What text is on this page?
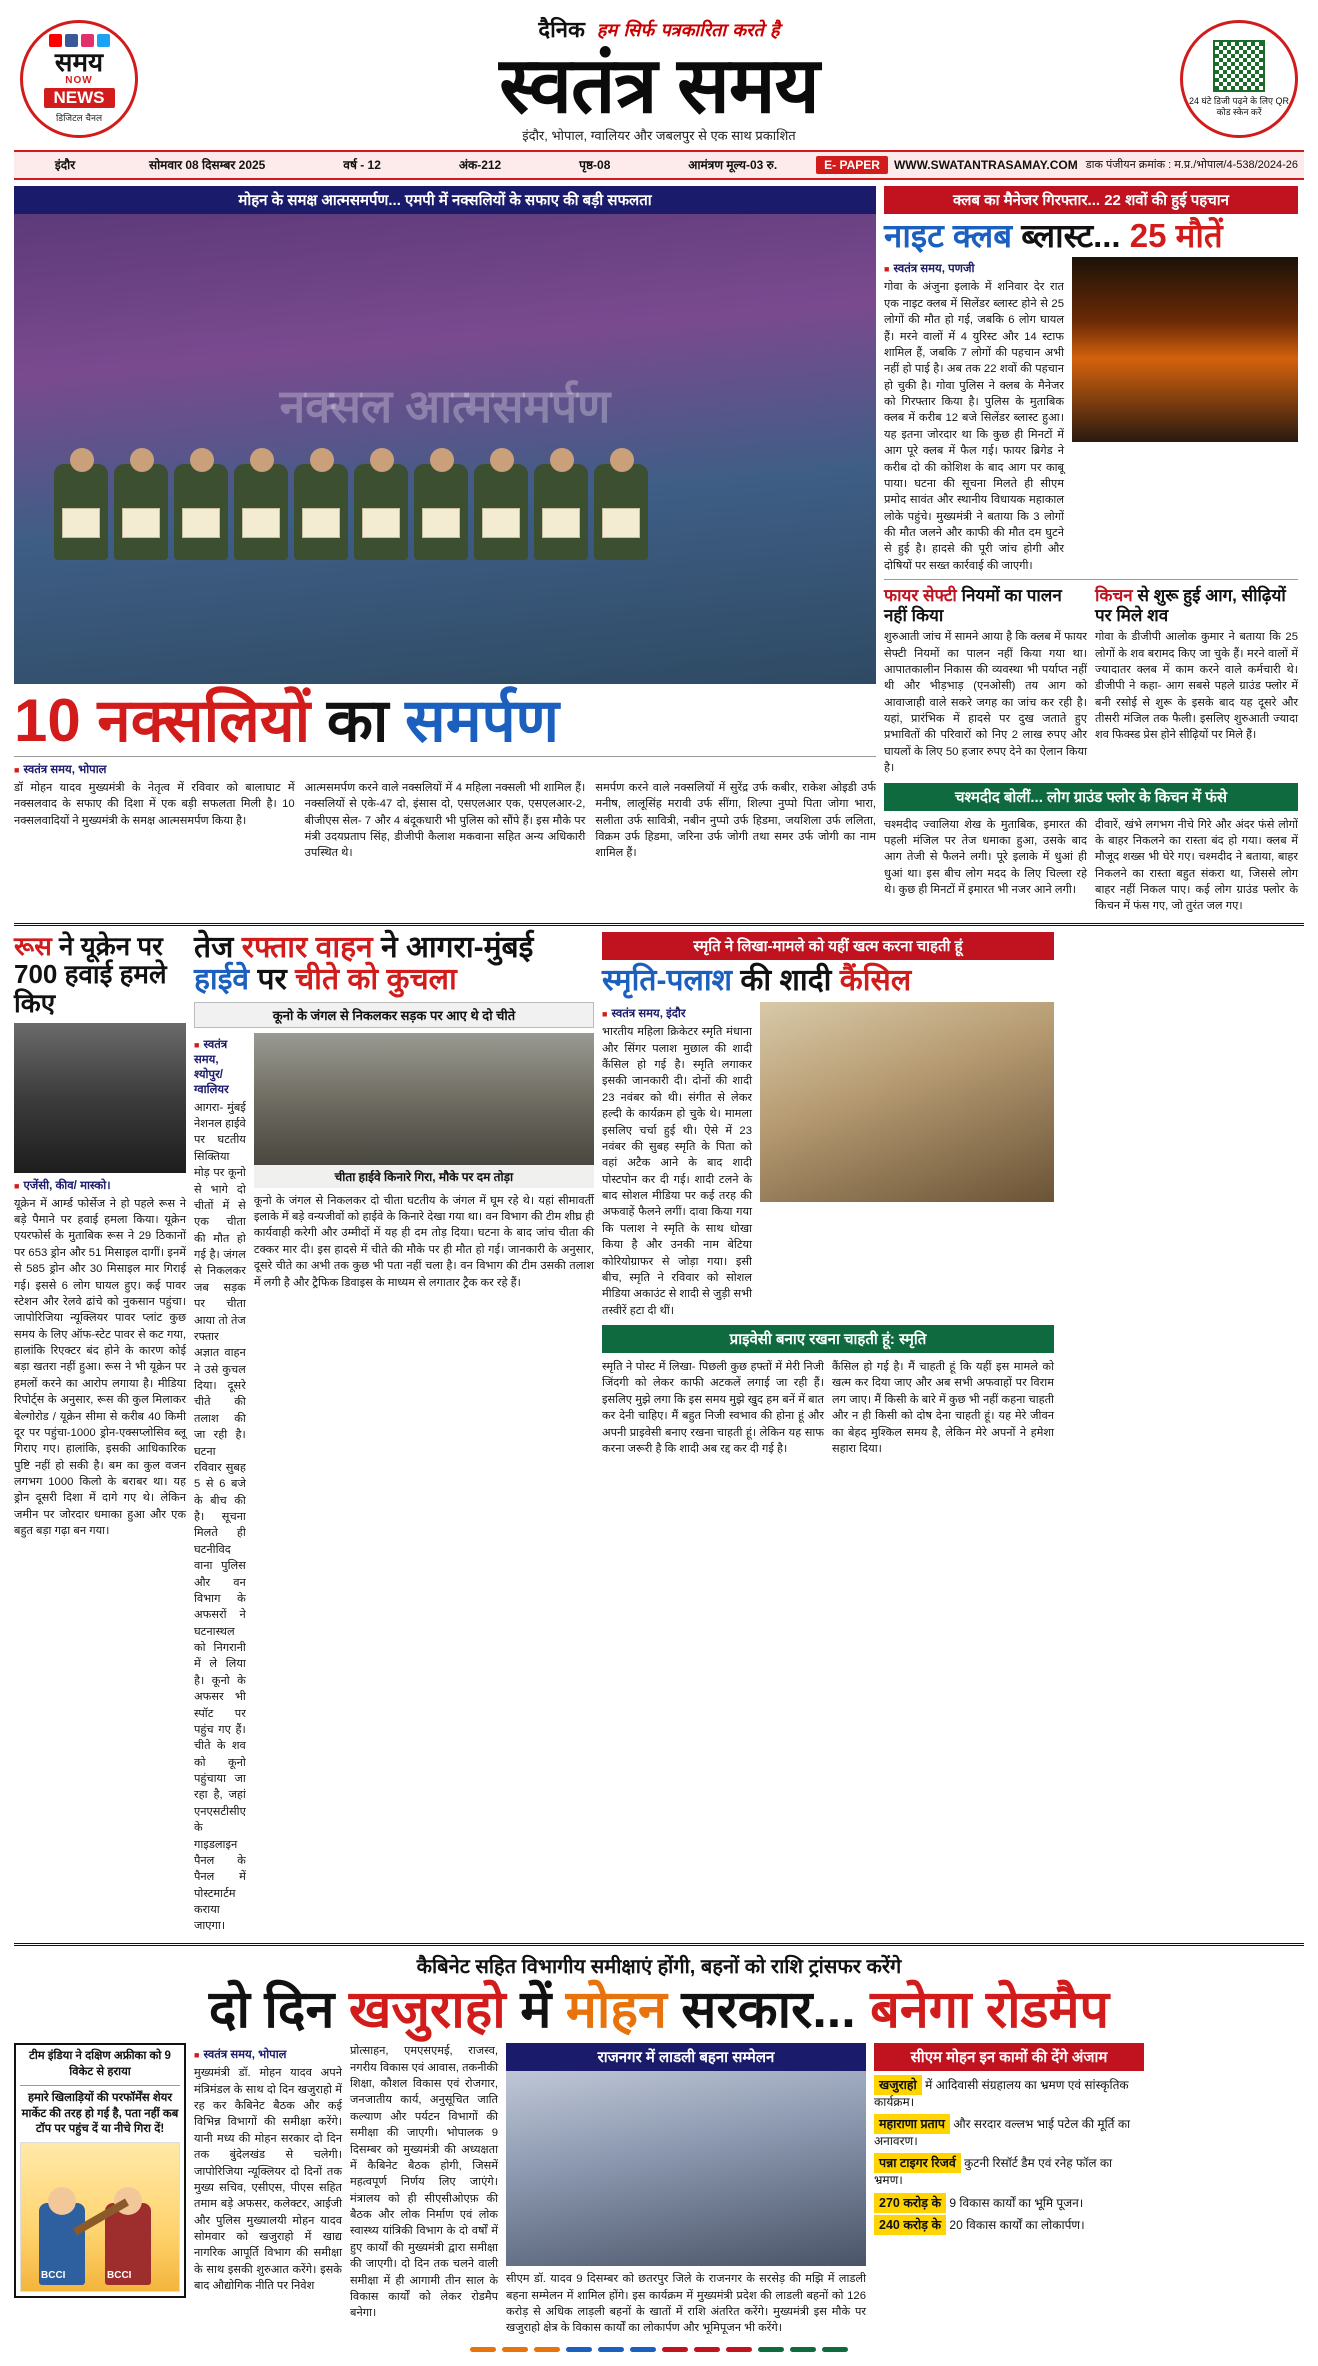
समय
NOW
NEWS
डिजिटल चैनल
दैनिक हम सिर्फ पत्रकारिता करते है
स्वतंत्र समय
इंदौर, भोपाल, ग्वालियर और जबलपुर से एक साथ प्रकाशित
24 घंटे डिजी पढ़ने के लिए QR कोड स्केन करें
इंदौर	सोमवार 08 दिसम्बर 2025	वर्ष - 12	अंक-212	पृष्ठ-08	आमंत्रण मूल्य-03 रु.	E- PAPER	WWW.SWATANTRASAMAY.COM डाक पंजीयन क्रमांक : म.प्र./भोपाल/4-538/2024-26
मोहन के समक्ष आत्मसमर्पण... एमपी में नक्सलियों के सफाए की बड़ी सफलता
नक्सल आत्मसमर्पण
10 नक्सलियों का समर्पण
■ स्वतंत्र समय, भोपाल
डॉ मोहन यादव मुख्यमंत्री के नेतृत्व में रविवार को बालाघाट में नक्सलवाद के सफाए की दिशा में एक बड़ी सफलता मिली है। 10 नक्सलवादियों ने मुख्यमंत्री के समक्ष आत्मसमर्पण किया है।
आत्मसमर्पण करने वाले नक्सलियों में 4 महिला नक्सली भी शामिल हैं। नक्सलियों से एके-47 दो, इंसास दो, एसएलआर एक, एसएलआर-2, बीजीएस सेल- 7 और 4 बंदूकधारी भी पुलिस को सौंपे हैं। इस मौके पर मंत्री उदयप्रताप सिंह, डीजीपी कैलाश मकवाना सहित अन्य अधिकारी उपस्थित थे।
समर्पण करने वाले नक्सलियों में सुरेंद्र उर्फ कबीर, राकेश ओइडी उर्फ मनीष, लालूसिंह मरावी उर्फ सींगा, शिल्पा नुप्पो पिता जोगा भारा, सलीता उर्फ सावित्री, नबीन नुप्पो उर्फ हिडमा, जयशिला उर्फ ललिता, विक्रम उर्फ हिडमा, जरिना उर्फ जोगी तथा समर उर्फ जोगी का नाम शामिल हैं।
क्लब का मैनेजर गिरफ्तार... 22 शवों की हुई पहचान
नाइट क्लब ब्लास्ट... 25 मौतें
■ स्वतंत्र समय, पणजी
गोवा के अंजुना इलाके में शनिवार देर रात एक नाइट क्लब में सिलेंडर ब्लास्ट होने से 25 लोगों की मौत हो गई, जबकि 6 लोग घायल हैं। मरने वालों में 4 युरिस्ट और 14 स्टाफ शामिल हैं, जबकि 7 लोगों की पहचान अभी नहीं हो पाई है। अब तक 22 शवों की पहचान हो चुकी है। गोवा पुलिस ने क्लब के मैनेजर को गिरफ्तार किया है। पुलिस के मुताबिक क्लब में करीब 12 बजे सिलेंडर ब्लास्ट हुआ। यह इतना जोरदार था कि कुछ ही मिनटों में आग पूरे क्लब में फैल गई। फायर ब्रिगेड ने करीब दो की कोशिश के बाद आग पर काबू पाया। घटना की सूचना मिलते ही सीएम प्रमोद सावंत और स्थानीय विधायक महाकाल लोके पहुंचे। मुख्यमंत्री ने बताया कि 3 लोगों की मौत जलने और काफी की मौत दम घुटने से हुई है। हादसे की पूरी जांच होगी और दोषियों पर सख्त कार्रवाई की जाएगी।
फायर सेफ्टी नियमों का पालन नहीं किया
शुरुआती जांच में सामने आया है कि क्लब में फायर सेफ्टी नियमों का पालन नहीं किया गया था। आपातकालीन निकास की व्यवस्था भी पर्याप्त नहीं थी और भीड़भाड़ (एनओसी) तय आग को आवाजाही वाले सकरे जगह का जांच कर रही है। यहां, प्रारंभिक में हादसे पर दुख जताते हुए प्रभावितों की परिवारों को निए 2 लाख रुपए और घायलों के लिए 50 हजार रुपए देने का ऐलान किया है।
किचन से शुरू हुई आग, सीढ़ियों पर मिले शव
गोवा के डीजीपी आलोक कुमार ने बताया कि 25 लोगों के शव बरामद किए जा चुके हैं। मरने वालों में ज्यादातर क्लब में काम करने वाले कर्मचारी थे। डीजीपी ने कहा- आग सबसे पहले ग्राउंड फ्लोर में बनी रसोई से शुरू के इसके बाद यह दूसरे और तीसरी मंजिल तक फैली। इसलिए शुरुआती ज्यादा शव फिक्स्ड प्रेस होने सीढ़ियों पर मिले हैं।
चश्मदीद बोलीं... लोग ग्राउंड फ्लोर के किचन में फंसे
चश्मदीद ज्वालिया शेख के मुताबिक, इमारत की पहली मंजिल पर तेज धमाका हुआ, उसके बाद आग तेजी से फैलने लगी। पूरे इलाके में धुआं ही धुआं था। इस बीच लोग मदद के लिए चिल्ला रहे थे। कुछ ही मिनटों में इमारत भी नजर आने लगी।
दीवारें, खंभे लगभग नीचे गिरे और अंदर फंसे लोगों के बाहर निकलने का रास्ता बंद हो गया। क्लब में मौजूद शख्स भी घेरे गए। चश्मदीद ने बताया, बाहर निकलने का रास्ता बहुत संकरा था, जिससे लोग बाहर नहीं निकल पाए। कई लोग ग्राउंड फ्लोर के किचन में फंस गए, जो तुरंत जल गए।
रूस ने यूक्रेन पर 700 हवाई हमले किए
■ एजेंसी, कीव/ मास्को।
यूक्रेन में आर्म्ड फोर्सेज ने हो पहले रूस ने बड़े पैमाने पर हवाई हमला किया। यूक्रेन एयरफोर्स के मुताबिक रूस ने 29 ठिकानों पर 653 ड्रोन और 51 मिसाइल दागीं। इनमें से 585 ड्रोन और 30 मिसाइल मार गिराई गई। इससे 6 लोग घायल हुए। कई पावर स्टेशन और रेलवे ढांचे को नुकसान पहुंचा। जापोरिजिया न्यूक्लियर पावर प्लांट कुछ समय के लिए ऑफ-स्टेट पावर से कट गया, हालांकि रिएक्टर बंद होने के कारण कोई बड़ा खतरा नहीं हुआ। रूस ने भी यूक्रेन पर हमलों करने का आरोप लगाया है। मीडिया रिपोर्ट्स के अनुसार, रूस की कुल मिलाकर बेल्गोरोड / यूक्रेन सीमा से करीब 40 किमी दूर पर पहुंचा-1000 ड्रोन-एक्सप्लोसिव ब्लू गिराए गए। हालांकि, इसकी आधिकारिक पुष्टि नहीं हो सकी है। बम का कुल वजन लगभग 1000 किलो के बराबर था। यह ड्रोन दूसरी दिशा में दागे गए थे। लेकिन जमीन पर जोरदार धमाका हुआ और एक बहुत बड़ा गढ़ा बन गया।
तेज रफ्तार वाहन ने आगरा-मुंबई हाईवे पर चीते को कुचला
कूनो के जंगल से निकलकर सड़क पर आए थे दो चीते
■ स्वतंत्र समय, श्योपुर/ग्वालियर
आगरा- मुंबई नेशनल हाईवे पर घटतीय सिक्तिया मोड़ पर कूनो से भागे दो चीतों में से एक चीता की मौत हो गई है। जंगल से निकलकर जब सड़क पर चीता आया तो तेज रफ्तार अज्ञात वाहन ने उसे कुचल दिया। दूसरे चीते की तलाश की जा रही है। घटना रविवार सुबह 5 से 6 बजे के बीच की है। सूचना मिलते ही घटनीविद वाना पुलिस और वन विभाग के अफसरों ने घटनास्थल को निगरानी में ले लिया है। कूनो के अफसर भी स्पॉट पर पहुंच गए हैं। चीते के शव को कूनो पहुंचाया जा रहा है, जहां एनएसटीसीए के गाइडलाइन पैनल के पैनल में पोस्टमार्टम कराया जाएगा।
चीता हाईवे किनारे गिरा, मौके पर दम तोड़ा
कूनो के जंगल से निकलकर दो चीता घटतीय के जंगल में घूम रहे थे। यहां सीमावर्ती इलाके में बड़े वन्यजीवों को हाईवे के किनारे देखा गया था। वन विभाग की टीम शीघ्र ही कार्यवाही करेगी और उम्मीदों में यह ही दम तोड़ दिया। घटना के बाद जांच चीता की टक्कर मार दी। इस हादसे में चीते की मौके पर ही मौत हो गई। जानकारी के अनुसार, दूसरे चीते का अभी तक कुछ भी पता नहीं चला है। वन विभाग की टीम उसकी तलाश में लगी है और ट्रैफिक डिवाइस के माध्यम से लगातार ट्रैक कर रहे हैं।
स्मृति ने लिखा-मामले को यहीं खत्म करना चाहती हूं
स्मृति-पलाश की शादी कैंसिल
■ स्वतंत्र समय, इंदौर
भारतीय महिला क्रिकेटर स्मृति मंधाना और सिंगर पलाश मुछाल की शादी कैंसिल हो गई है। स्मृति लगाकर इसकी जानकारी दी। दोनों की शादी 23 नवंबर को थी। संगीत से लेकर हल्दी के कार्यक्रम हो चुके थे। मामला इसलिए चर्चा हुई थी। ऐसे में 23 नवंबर की सुबह स्मृति के पिता को वहां अटैक आने के बाद शादी पोस्टपोन कर दी गई। शादी टलने के बाद सोशल मीडिया पर कई तरह की अफवाहें फैलने लगीं। दावा किया गया कि पलाश ने स्मृति के साथ धोखा किया है और उनकी नाम बेटिया कोरियोग्राफर से जोड़ा गया। इसी बीच, स्मृति ने रविवार को सोशल मीडिया अकाउंट से शादी से जुड़ी सभी तस्वीरें हटा दी थीं।
प्राइवेसी बनाए रखना चाहती हूं: स्मृति
स्मृति ने पोस्ट में लिखा- पिछली कुछ हफ्तों में मेरी निजी जिंदगी को लेकर काफी अटकलें लगाई जा रही हैं। इसलिए मुझे लगा कि इस समय मुझे खुद हम बनें में बात कर देनी चाहिए। मैं बहुत निजी स्वभाव की होना हूं और अपनी प्राइवेसी बनाए रखना चाहती हूं। लेकिन यह साफ करना जरूरी है कि शादी अब रद्द कर दी गई है।
कैंसिल हो गई है। मैं चाहती हूं कि यहीं इस मामले को खत्म कर दिया जाए और अब सभी अफवाहों पर विराम लग जाए। मैं किसी के बारे में कुछ भी नहीं कहना चाहती और न ही किसी को दोष देना चाहती हूं। यह मेरे जीवन का बेहद मुश्किल समय है, लेकिन मेरे अपनों ने हमेशा सहारा दिया।
कैबिनेट सहित विभागीय समीक्षाएं होंगी, बहनों को राशि ट्रांसफर करेंगे
दो दिन खजुराहो में मोहन सरकार... बनेगा रोडमैप
टीम इंडिया ने दक्षिण अफ्रीका को 9 विकेट से हराया
हमारे खिलाड़ियों की परफॉर्मेंस शेयर मार्केट की तरह हो गई है, पता नहीं कब टॉप पर पहुंच दें या नीचे गिरा दें!
BCCI	BCCI
■ स्वतंत्र समय, भोपाल
मुख्यमंत्री डॉ. मोहन यादव अपने मंत्रिमंडल के साथ दो दिन खजुराहो में रह कर कैबिनेट बैठक और कई विभिन्न विभागों की समीक्षा करेंगे। यानी मध्य की मोहन सरकार दो दिन तक बुंदेलखंड से चलेगी। जापोरिजिया न्यूक्लियर दो दिनों तक मुख्य सचिव, एसीएस, पीएस सहित तमाम बड़े अफसर, कलेक्टर, आईजी और पुलिस मुख्यालयी मोहन यादव सोमवार को खजुराहो में खाद्य नागरिक आपूर्ति विभाग की समीक्षा के साथ इसकी शुरुआत करेंगे। इसके बाद औद्योगिक नीति पर निवेश
प्रोत्साहन, एमएसएमई, राजस्व, नगरीय विकास एवं आवास, तकनीकी शिक्षा, कौशल विकास एवं रोजगार, जनजातीय कार्य, अनुसूचित जाति कल्याण और पर्यटन विभागों की समीक्षा की जाएगी। भोपालक 9 दिसम्बर को मुख्यमंत्री की अध्यक्षता में कैबिनेट बैठक होगी, जिसमें महत्वपूर्ण निर्णय लिए जाएंगे। मंत्रालय को ही सीएसीओएफ़ की बैठक और लोक निर्माण एवं लोक स्वास्थ्य यांत्रिकी विभाग के दो वर्षों में हुए कार्यों की मुख्यमंत्री द्वारा समीक्षा की जाएगी। दो दिन तक चलने वाली समीक्षा में ही आगामी तीन साल के विकास कार्यों को लेकर रोडमैप बनेगा।
राजनगर में लाडली बहना सम्मेलन
सीएम डॉ. यादव 9 दिसम्बर को छतरपुर जिले के राजनगर के सरसेड़ की मझि में लाडली बहना सम्मेलन में शामिल होंगे। इस कार्यक्रम में मुख्यमंत्री प्रदेश की लाडली बहनों को 126 करोड़ से अधिक लाड़ली बहनों के खातों में राशि अंतरित करेंगे। मुख्यमंत्री इस मौके पर खजुराहो क्षेत्र के विकास कार्यों का लोकार्पण और भूमिपूजन भी करेंगे।
सीएम मोहन इन कामों की देंगे अंजाम
खजुराहो में आदिवासी संग्रहालय का भ्रमण एवं सांस्कृतिक कार्यक्रम।
महाराणा प्रताप और सरदार वल्लभ भाई पटेल की मूर्ति का अनावरण।
पन्ना टाइगर रिजर्व कुटनी रिसॉर्ट डैम एवं रनेह फॉल का भ्रमण।
270 करोड़ के 9 विकास कार्यों का भूमि पूजन।
240 करोड़ के 20 विकास कार्यों का लोकार्पण।
